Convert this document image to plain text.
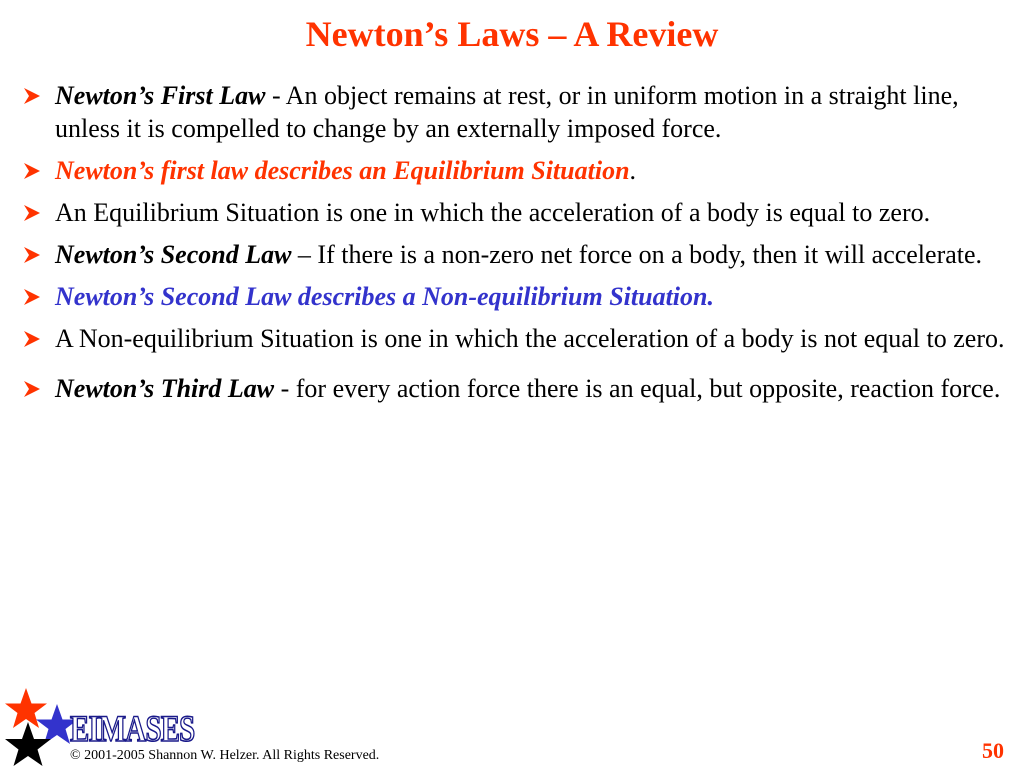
Newton’s Laws – A Review
Newton’s First Law - An object remains at rest, or in uniform motion in a straight line, unless it is compelled to change by an externally imposed force.
Newton’s first law describes an Equilibrium Situation.
An Equilibrium Situation is one in which the acceleration of a body is equal to zero.
Newton’s Second Law – If there is a non-zero net force on a body, then it will accelerate.
Newton’s Second Law describes a Non-equilibrium Situation.
A Non-equilibrium Situation is one in which the acceleration of a body is not equal to zero.
Newton’s Third Law - for every action force there is an equal, but opposite, reaction force.
EIMASES
© 2001-2005 Shannon W. Helzer. All Rights Reserved.	50
